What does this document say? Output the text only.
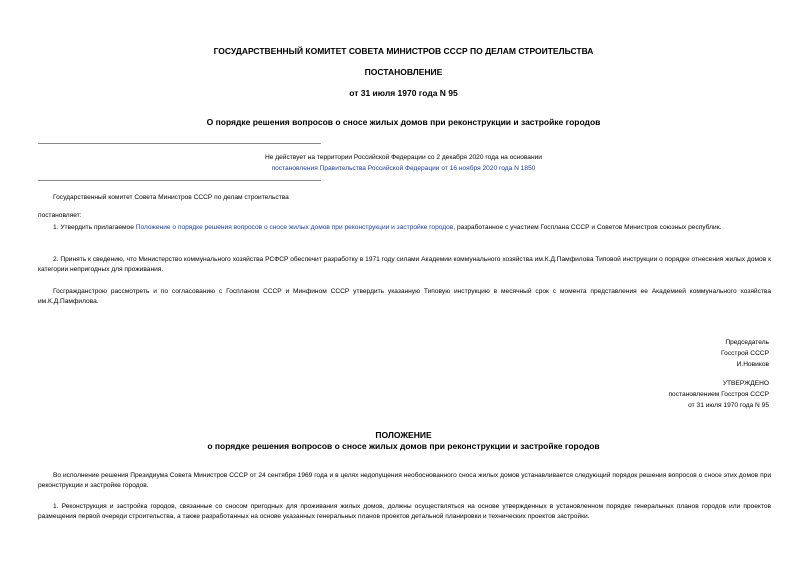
ГОСУДАРСТВЕННЫЙ КОМИТЕТ СОВЕТА МИНИСТРОВ СССР ПО ДЕЛАМ СТРОИТЕЛЬСТВА
ПОСТАНОВЛЕНИЕ
от 31 июля 1970 года N 95
О порядке решения вопросов о сносе жилых домов при реконструкции и застройке городов
Не действует на территории Российской Федерации со 2 декабря 2020 года на основании
постановления Правительства Российской Федерации от 16 ноября 2020 года N 1850
Государственный комитет Совета Министров СССР по делам строительства
постановляет:
1. Утвердить прилагаемое Положение о порядке решения вопросов о сносе жилых домов при реконструкции и застройке городов, разработанное с участием Госплана СССР и Советов Министров союзных республик.
2. Принять к сведению, что Министерство коммунального хозяйства РСФСР обеспечит разработку в 1971 году силами Академии коммунального хозяйства им.К.Д.Памфилова Типовой инструкции о порядке отнесения жилых домов к категории непригодных для проживания.
Госгражданстрою рассмотреть и по согласованию с Госпланом СССР и Минфином СССР утвердить указанную Типовую инструкцию в месячный срок с момента представления ее Академией коммунального хозяйства им.К.Д.Памфилова.
Председатель
Госстрой СССР
И.Новиков
УТВЕРЖДЕНО
постановлением Госстроя СССР
от 31 июля 1970 года N 95
ПОЛОЖЕНИЕ
о порядке решения вопросов о сносе жилых домов при реконструкции и застройке городов
Во исполнение решения Президиума Совета Министров СССР от 24 сентября 1969 года и в целях недопущения необоснованного сноса жилых домов устанавливается следующий порядок решения вопросов о сносе этих домов при реконструкции и застройке городов.
1. Реконструкция и застройка городов, связанные со сносом пригодных для проживания жилых домов, должны осуществляться на основе утвержденных в установленном порядке генеральных планов городов или проектов размещения первой очереди строительства, а также разработанных на основе указанных генеральных планов проектов детальной планировки и технических проектов застройки.
